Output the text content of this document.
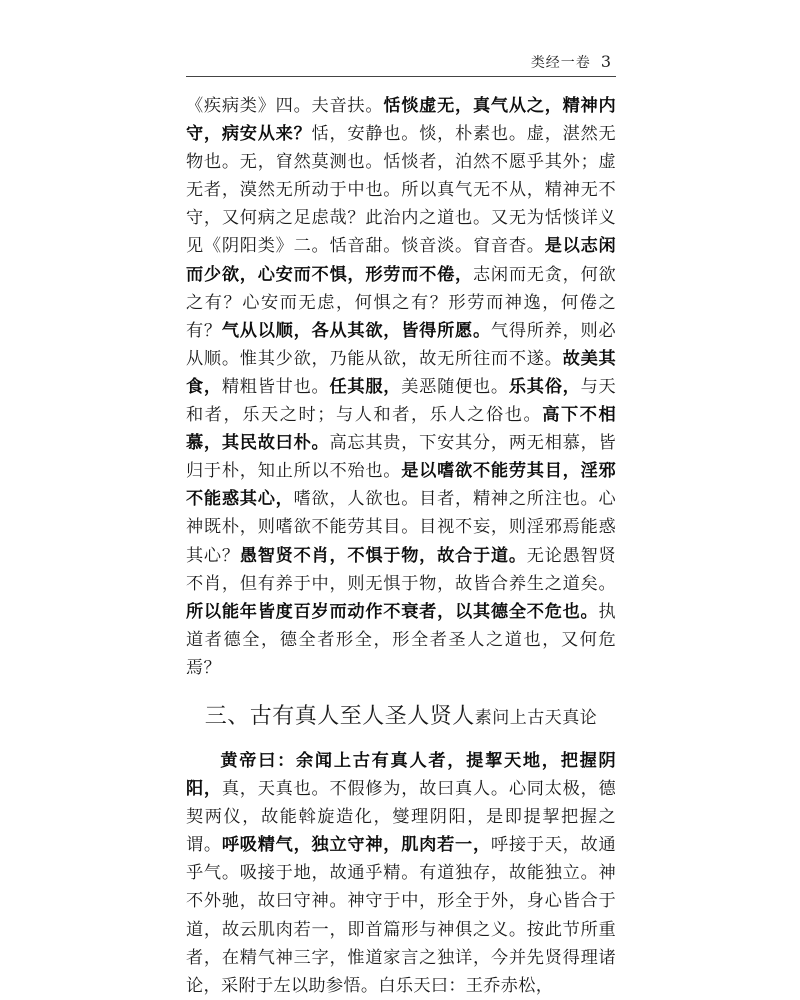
类经一卷 3

《疾病类》四。夫音扶。恬惔虚无，真气从之，精神内守，病安从来？恬，安静也。惔，朴素也。虚，湛然无物也。无，窅然莫测也。恬惔者，泊然不愿乎其外；虚无者，漠然无所动于中也。所以真气无不从，精神无不守，又何病之足虑哉？此治内之道也。又无为恬惔详义见《阴阳类》二。恬音甜。惔音淡。窅音杳。是以志闲而少欲，心安而不惧，形劳而不倦，志闲而无贪，何欲之有？心安而无虑，何惧之有？形劳而神逸，何倦之有？气从以顺，各从其欲，皆得所愿。气得所养，则必从顺。惟其少欲，乃能从欲，故无所往而不遂。故美其食，精粗皆甘也。任其服，美恶随便也。乐其俗，与天和者，乐天之时；与人和者，乐人之俗也。高下不相慕，其民故曰朴。高忘其贵，下安其分，两无相慕，皆归于朴，知止所以不殆也。是以嗜欲不能劳其目，淫邪不能惑其心，嗜欲，人欲也。目者，精神之所注也。心神既朴，则嗜欲不能劳其目。目视不妄，则淫邪焉能惑其心？愚智贤不肖，不惧于物，故合于道。无论愚智贤不肖，但有养于中，则无惧于物，故皆合养生之道矣。所以能年皆度百岁而动作不衰者，以其德全不危也。执道者德全，德全者形全，形全者圣人之道也，又何危焉？

三、古有真人至人圣人贤人素问上古天真论

黄帝曰：余闻上古有真人者，提挈天地，把握阴阳，真，天真也。不假修为，故曰真人。心同太极，德契两仪，故能斡旋造化，燮理阴阳，是即提挈把握之谓。呼吸精气，独立守神，肌肉若一，呼接于天，故通乎气。吸接于地，故通乎精。有道独存，故能独立。神不外驰，故曰守神。神守于中，形全于外，身心皆合于道，故云肌肉若一，即首篇形与神俱之义。按此节所重者，在精气神三字，惟道家言之独详，今并先贤得理诸论，采附于左以助参悟。白乐天曰：王乔赤松，
